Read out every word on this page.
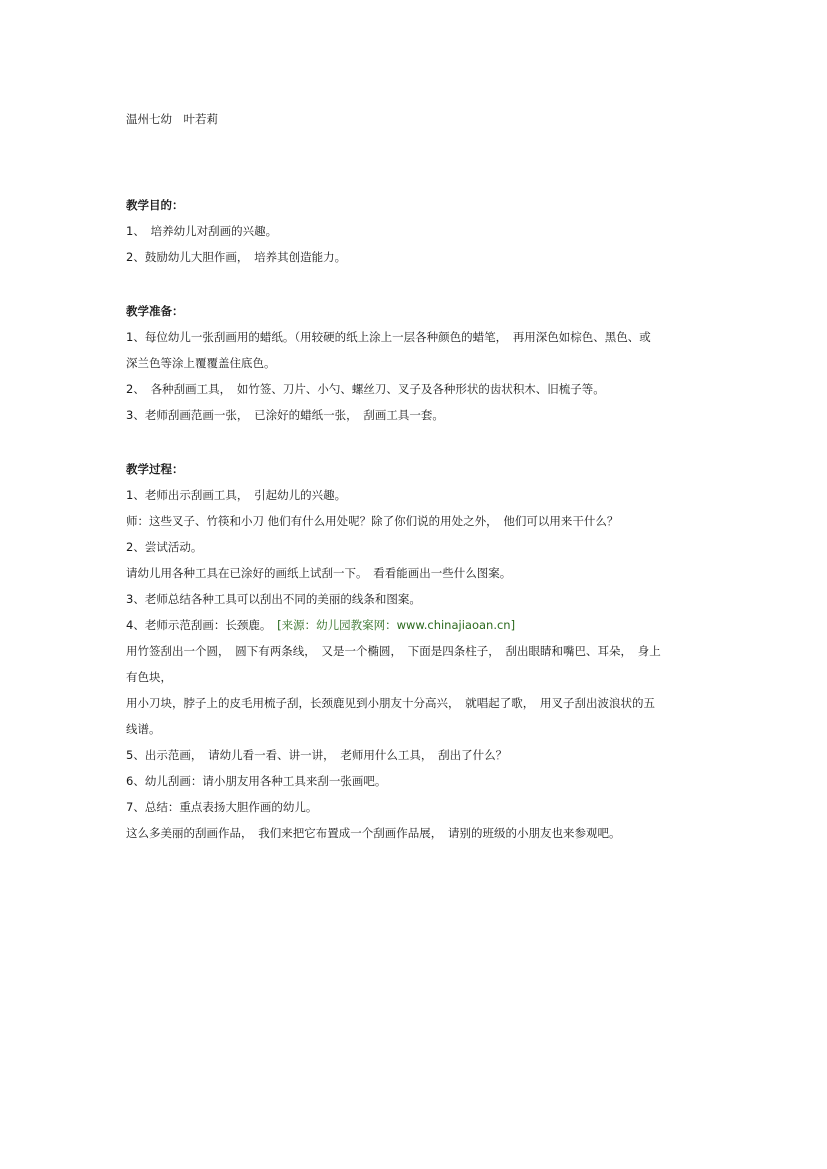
温州七幼　叶若莉
教学目的：
1、　培养幼儿对刮画的兴趣。
2、鼓励幼儿大胆作画，　培养其创造能力。
教学准备：
1、每位幼儿一张刮画用的蜡纸。（用较硬的纸上涂上一层各种颜色的蜡笔，　再用深色如棕色、黑色、或
深兰色等涂上覆覆盖住底色。
2、　各种刮画工具，　如竹签、刀片、小勺、螺丝刀、叉子及各种形状的齿状积木、旧梳子等。
3、老师刮画范画一张，　已涂好的蜡纸一张，　刮画工具一套。
教学过程：
1、老师出示刮画工具，　引起幼儿的兴趣。
师：这些叉子、竹筷和小刀 他们有什么用处呢？除了你们说的用处之外，　他们可以用来干什么？
2、尝试活动。
请幼儿用各种工具在已涂好的画纸上试刮一下。　看看能画出一些什么图案。
3、老师总结各种工具可以刮出不同的美丽的线条和图案。
4、老师示范刮画：长颈鹿。　 [来源：幼儿园教案网：www.chinajiaoan.cn]
用竹签刮出一个圆，　圆下有两条线，　又是一个椭圆，　下面是四条柱子，　刮出眼睛和嘴巴、耳朵，　身上
有色块，
用小刀块，脖子上的皮毛用梳子刮，长颈鹿见到小朋友十分高兴，　就唱起了歌，　用叉子刮出波浪状的五
线谱。
5、出示范画，　请幼儿看一看、讲一讲，　老师用什么工具，　刮出了什么？
6、幼儿刮画：请小朋友用各种工具来刮一张画吧。
7、总结：重点表扬大胆作画的幼儿。
这么多美丽的刮画作品，　我们来把它布置成一个刮画作品展，　请别的班级的小朋友也来参观吧。
